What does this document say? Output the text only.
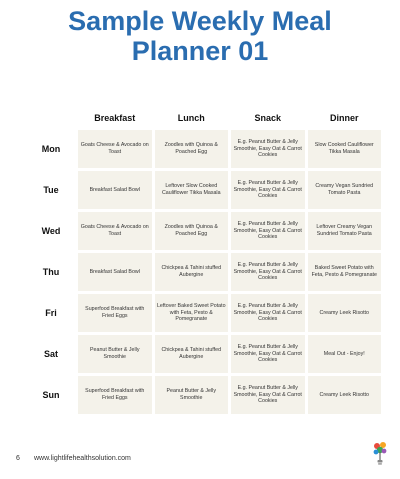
Sample Weekly Meal
Planner 01
	Breakfast	Lunch	Snack	Dinner
Mon	Goats Cheese & Avocado on Toast	Zoodles with Quinoa & Poached Egg	E.g. Peanut Butter & Jelly Smoothie, Easy Oat & Carrot Cookies	Slow Cooked Cauliflower Tikka Masala
Tue	Breakfast Salad Bowl	Leftover Slow Cooked Cauliflower Tikka Masala	E.g. Peanut Butter & Jelly Smoothie, Easy Oat & Carrot Cookies	Creamy Vegan Sundried Tomato Pasta
Wed	Goats Cheese & Avocado on Toast	Zoodles with Quinoa & Poached Egg	E.g. Peanut Butter & Jelly Smoothie, Easy Oat & Carrot Cookies	Leftover Creamy Vegan Sundried Tomato Pasta
Thu	Breakfast Salad Bowl	Chickpea & Tahini stuffed Aubergine	E.g. Peanut Butter & Jelly Smoothie, Easy Oat & Carrot Cookies	Baked Sweet Potato with Feta, Pesto & Pomegranate
Fri	Superfood Breakfast with Fried Eggs	Leftover Baked Sweet Potato with Feta, Pesto & Pomegranate	E.g. Peanut Butter & Jelly Smoothie, Easy Oat & Carrot Cookies	Creamy Leek Risotto
Sat	Peanut Butter & Jelly Smoothie	Chickpea & Tahini stuffed Aubergine	E.g. Peanut Butter & Jelly Smoothie, Easy Oat & Carrot Cookies	Meal Out - Enjoy!
Sun	Superfood Breakfast with Fried Eggs	Peanut Butter & Jelly Smoothie	E.g. Peanut Butter & Jelly Smoothie, Easy Oat & Carrot Cookies	Creamy Leek Risotto
6 www.lightlifehealthsolution.com
